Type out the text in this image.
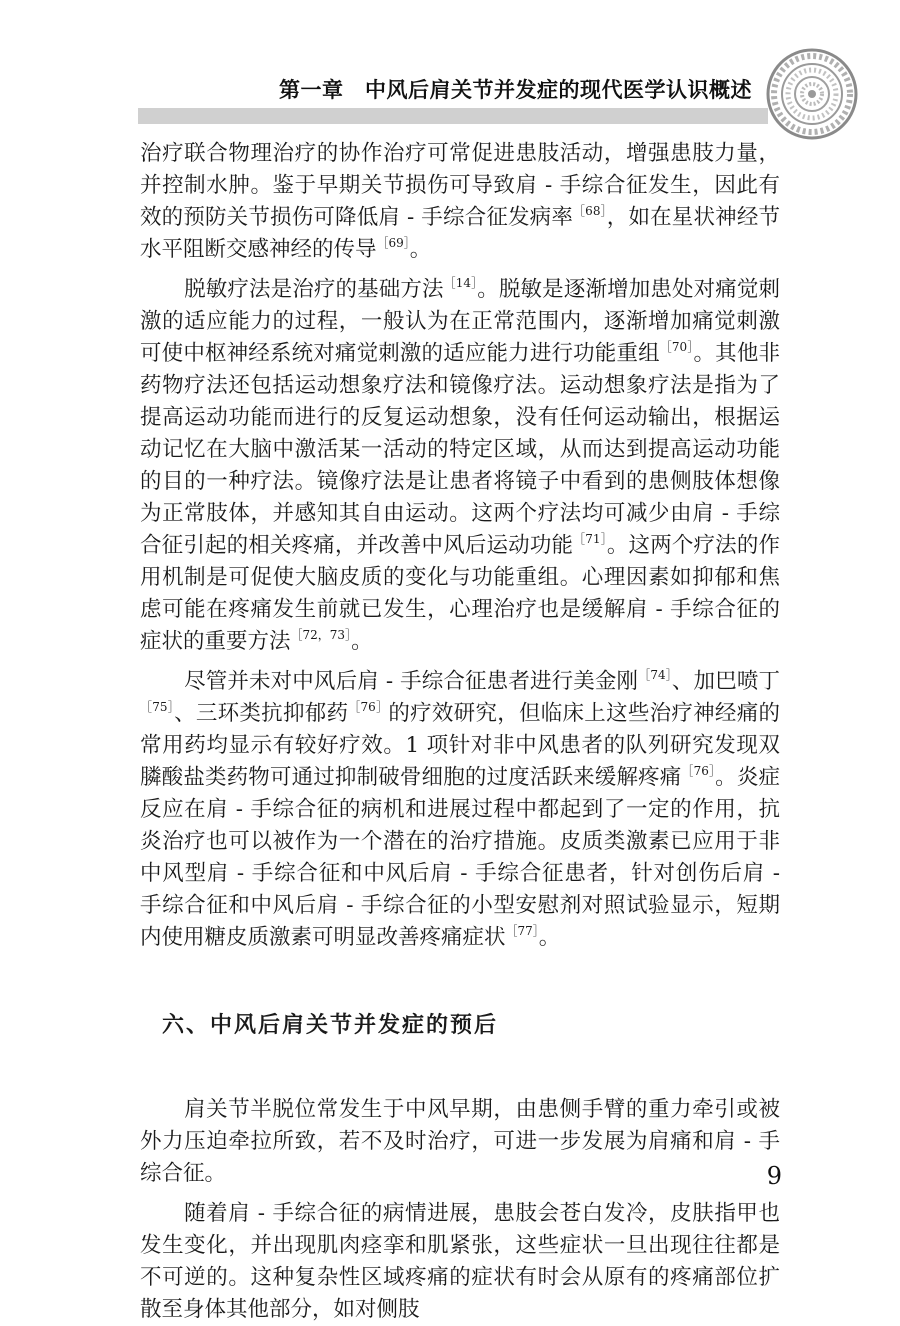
第一章　中风后肩关节并发症的现代医学认识概述

治疗联合物理治疗的协作治疗可常促进患肢活动，增强患肢力量，并控制水肿。鉴于早期关节损伤可导致肩 - 手综合征发生，因此有效的预防关节损伤可降低肩 - 手综合征发病率$^{[68]}$，如在星状神经节水平阻断交感神经的传导$^{[69]}$。

脱敏疗法是治疗的基础方法$^{[14]}$。脱敏是逐渐增加患处对痛觉刺激的适应能力的过程，一般认为在正常范围内，逐渐增加痛觉刺激可使中枢神经系统对痛觉刺激的适应能力进行功能重组$^{[70]}$。其他非药物疗法还包括运动想象疗法和镜像疗法。运动想象疗法是指为了提高运动功能而进行的反复运动想象，没有任何运动输出，根据运动记忆在大脑中激活某一活动的特定区域，从而达到提高运动功能的目的一种疗法。镜像疗法是让患者将镜子中看到的患侧肢体想像为正常肢体，并感知其自由运动。这两个疗法均可减少由肩 - 手综合征引起的相关疼痛，并改善中风后运动功能$^{[71]}$。这两个疗法的作用机制是可促使大脑皮质的变化与功能重组。心理因素如抑郁和焦虑可能在疼痛发生前就已发生，心理治疗也是缓解肩 - 手综合征的症状的重要方法$^{[72,73]}$。

尽管并未对中风后肩 - 手综合征患者进行美金刚$^{[74]}$、加巴喷丁$^{[75]}$、三环类抗抑郁药$^{[76]}$的疗效研究，但临床上这些治疗神经痛的常用药均显示有较好疗效。1 项针对非中风患者的队列研究发现双膦酸盐类药物可通过抑制破骨细胞的过度活跃来缓解疼痛$^{[76]}$。炎症反应在肩 - 手综合征的病机和进展过程中都起到了一定的作用，抗炎治疗也可以被作为一个潜在的治疗措施。皮质类激素已应用于非中风型肩 - 手综合征和中风后肩 - 手综合征患者，针对创伤后肩 - 手综合征和中风后肩 - 手综合征的小型安慰剂对照试验显示，短期内使用糖皮质激素可明显改善疼痛症状$^{[77]}$。

六、中风后肩关节并发症的预后

肩关节半脱位常发生于中风早期，由患侧手臂的重力牵引或被外力压迫牵拉所致，若不及时治疗，可进一步发展为肩痛和肩 - 手综合征。

随着肩 - 手综合征的病情进展，患肢会苍白发冷，皮肤指甲也发生变化，并出现肌肉痉挛和肌紧张，这些症状一旦出现往往都是不可逆的。这种复杂性区域疼痛的症状有时会从原有的疼痛部位扩散至身体其他部分，如对侧肢

9
